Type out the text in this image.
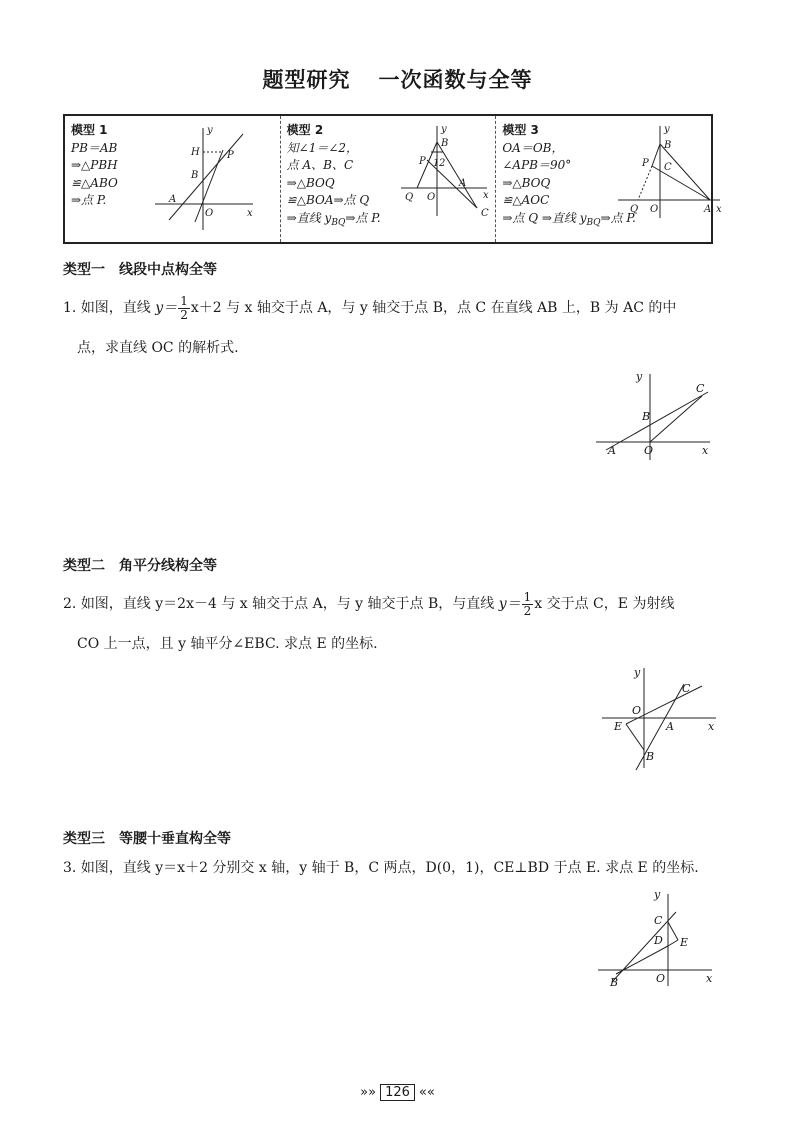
题型研究 一次函数与全等
模型 1
PB＝AB
⇒△PBH
≌△ABO
⇒点 P.
y
H	P
B
A
O	x
模型 2
知∠1＝∠2，
点 A、B、C
⇒△BOQ
≌△BOA⇒点 Q
⇒直线 $y_{BQ}\Rightarrow$点 P.
y
B
1 2
P
Q O
A
x
C
模型 3
OA＝OB，
∠APB＝90°
⇒△BOQ
≌△AOC
⇒点 Q ⇒直线 $y_{BQ}\Rightarrow$点 P.
y
B
P C
Q O	A x
类型一 线段中点构全等
1. 如图，直线 $y= \frac{1}{2} x+2$ 与 x 轴交于点 A，与 y 轴交于点 B，点 C 在直线 AB 上，B 为 AC 的中
点，求直线 OC 的解析式.
y
C
B
A	O	x
类型二 角平分线构全等
2. 如图，直线 y＝2x－4 与 x 轴交于点 A，与 y 轴交于点 B，与直线 $y= \frac{1}{2}$ x 交于点 C，E 为射线
CO 上一点，且 y 轴平分∠EBC. 求点 E 的坐标.
y
C
O
E	A	x
B
类型三 等腰十垂直构全等
3. 如图，直线 y＝x＋2 分别交 x 轴，y 轴于 B，C 两点，D(0，1)，CE⊥BD 于点 E. 求点 E 的坐标.
y
C
D E
B	O	x
»» 126 ««
